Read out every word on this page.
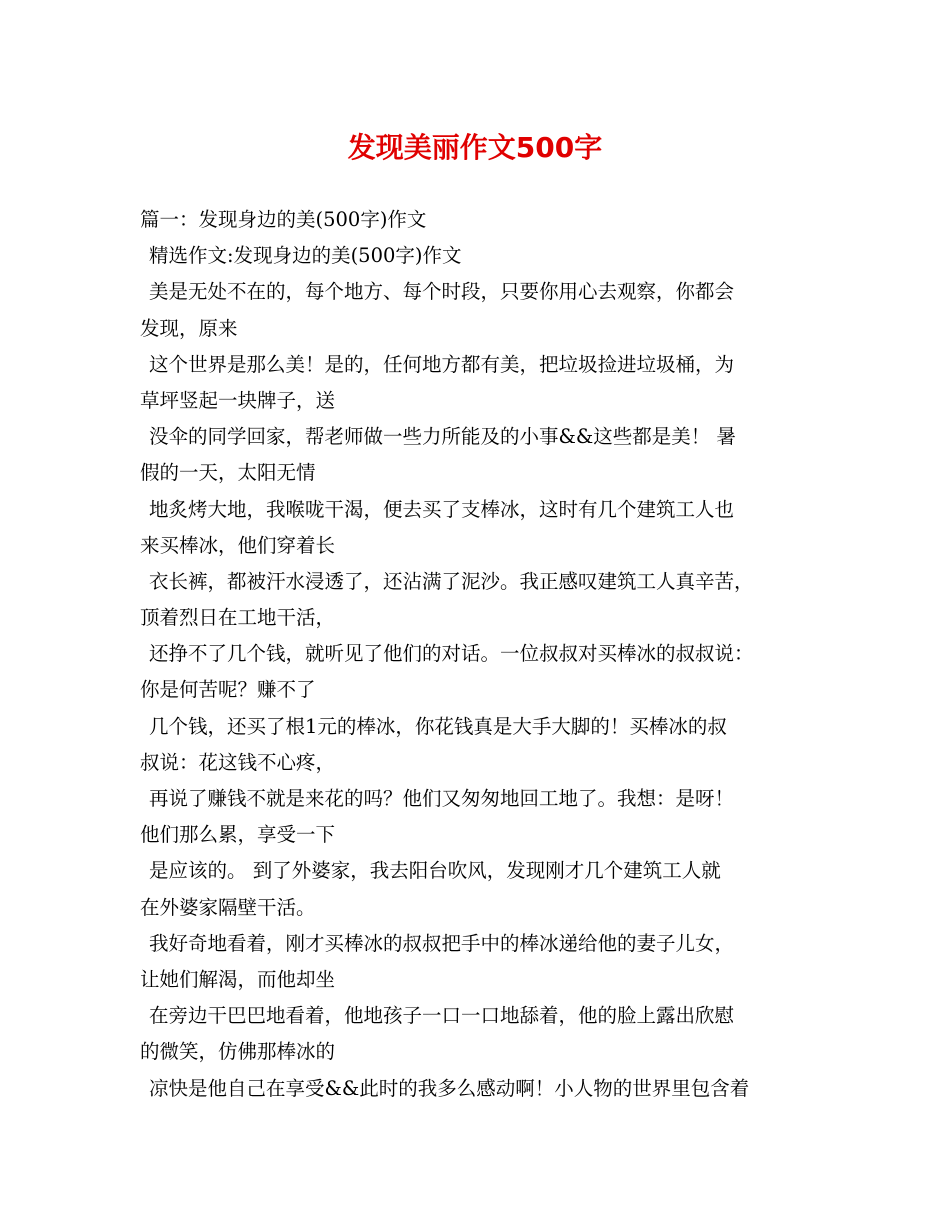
发现美丽作文500字
篇一：发现身边的美(500字)作文
精选作文:发现身边的美(500字)作文
美是无处不在的，每个地方、每个时段，只要你用心去观察，你都会
发现，原来
这个世界是那么美！是的，任何地方都有美，把垃圾捡进垃圾桶，为
草坪竖起一块牌子，送
没伞的同学回家，帮老师做一些力所能及的小事&&这些都是美！ 暑
假的一天，太阳无情
地炙烤大地，我喉咙干渴，便去买了支棒冰，这时有几个建筑工人也
来买棒冰，他们穿着长
衣长裤，都被汗水浸透了，还沾满了泥沙。我正感叹建筑工人真辛苦，
顶着烈日在工地干活，
还挣不了几个钱，就听见了他们的对话。一位叔叔对买棒冰的叔叔说：
你是何苦呢？赚不了
几个钱，还买了根1元的棒冰，你花钱真是大手大脚的！买棒冰的叔
叔说：花这钱不心疼，
再说了赚钱不就是来花的吗？他们又匆匆地回工地了。我想：是呀！
他们那么累，享受一下
是应该的。 到了外婆家，我去阳台吹风，发现刚才几个建筑工人就
在外婆家隔壁干活。
我好奇地看着，刚才买棒冰的叔叔把手中的棒冰递给他的妻子儿女，
让她们解渴，而他却坐
在旁边干巴巴地看着，他地孩子一口一口地舔着，他的脸上露出欣慰
的微笑，仿佛那棒冰的
凉快是他自己在享受&&此时的我多么感动啊！小人物的世界里包含着
